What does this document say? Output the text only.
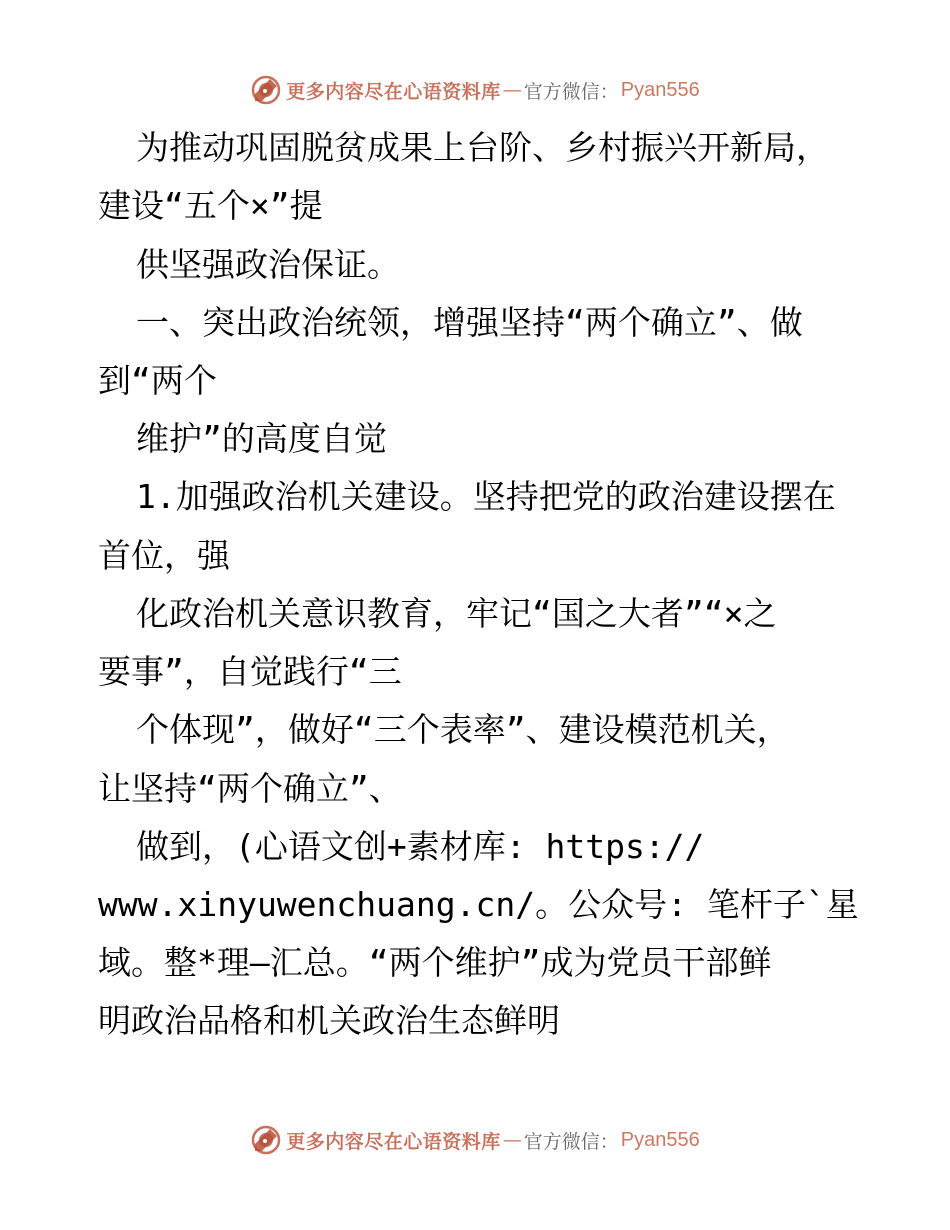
更多内容尽在心语资料库 — 官方微信： Pyan556
为推动巩固脱贫成果上台阶、乡村振兴开新局，
建设“五个×”提
供坚强政治保证。
一、突出政治统领，增强坚持“两个确立”、做
到“两个
维护”的高度自觉
1.加强政治机关建设。坚持把党的政治建设摆在
首位，强
化政治机关意识教育，牢记“国之大者”“×之
要事”，自觉践行“三
个体现”，做好“三个表率”、建设模范机关，
让坚持“两个确立”、
做到，(心语文创+素材库: https://
www.xinyuwenchuang.cn/。公众号: 笔杆子`星
域。整*理—汇总。“两个维护”成为党员干部鲜
明政治品格和机关政治生态鲜明
更多内容尽在心语资料库 — 官方微信： Pyan556
